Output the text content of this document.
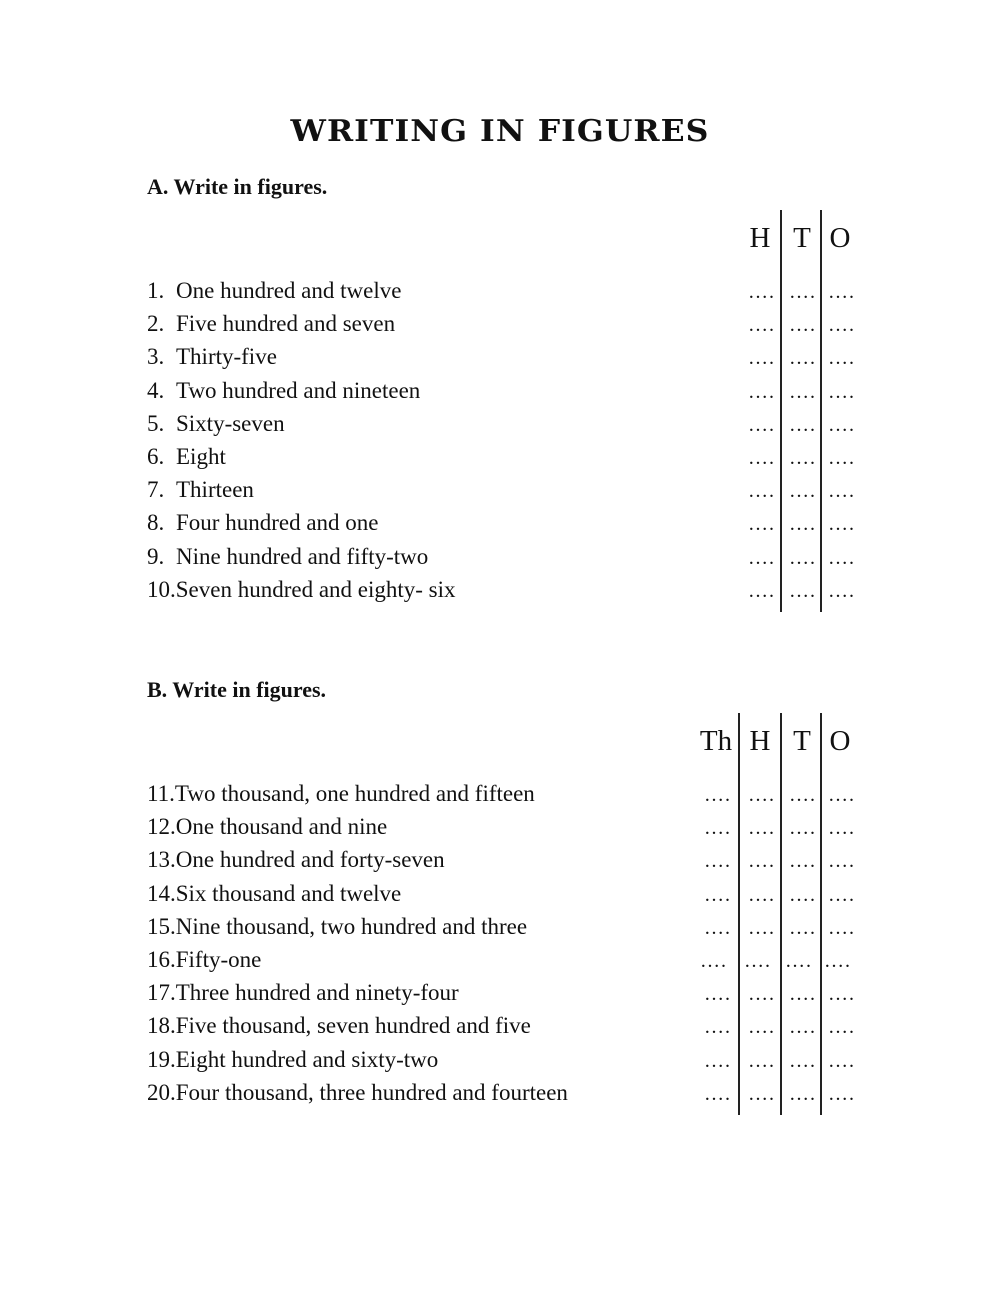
WRITING IN FIGURES
A. Write in figures.
H T O
1. One hundred and twelve	…. …. ….
2. Five hundred and seven	…. …. ….
3. Thirty-five	…. …. ….
4. Two hundred and nineteen	…. …. ….
5. Sixty-seven	…. …. ….
6. Eight	…. …. ….
7. Thirteen	…. …. ….
8. Four hundred and one	…. …. ….
9. Nine hundred and fifty-two	…. …. ….
10.Seven hundred and eighty- six	…. …. ….
B. Write in figures.
Th H T O
11.Two thousand, one hundred and fifteen	…. …. …. ….
12.One thousand and nine	…. …. …. ….
13.One hundred and forty-seven	…. …. …. ….
14.Six thousand and twelve	…. …. …. ….
15.Nine thousand, two hundred and three	…. …. …. ….
16.Fifty-one	…. …. …. ….
17.Three hundred and ninety-four	…. …. …. ….
18.Five thousand, seven hundred and five	…. …. …. ….
19.Eight hundred and sixty-two	…. …. …. ….
20.Four thousand, three hundred and fourteen	…. …. …. ….
